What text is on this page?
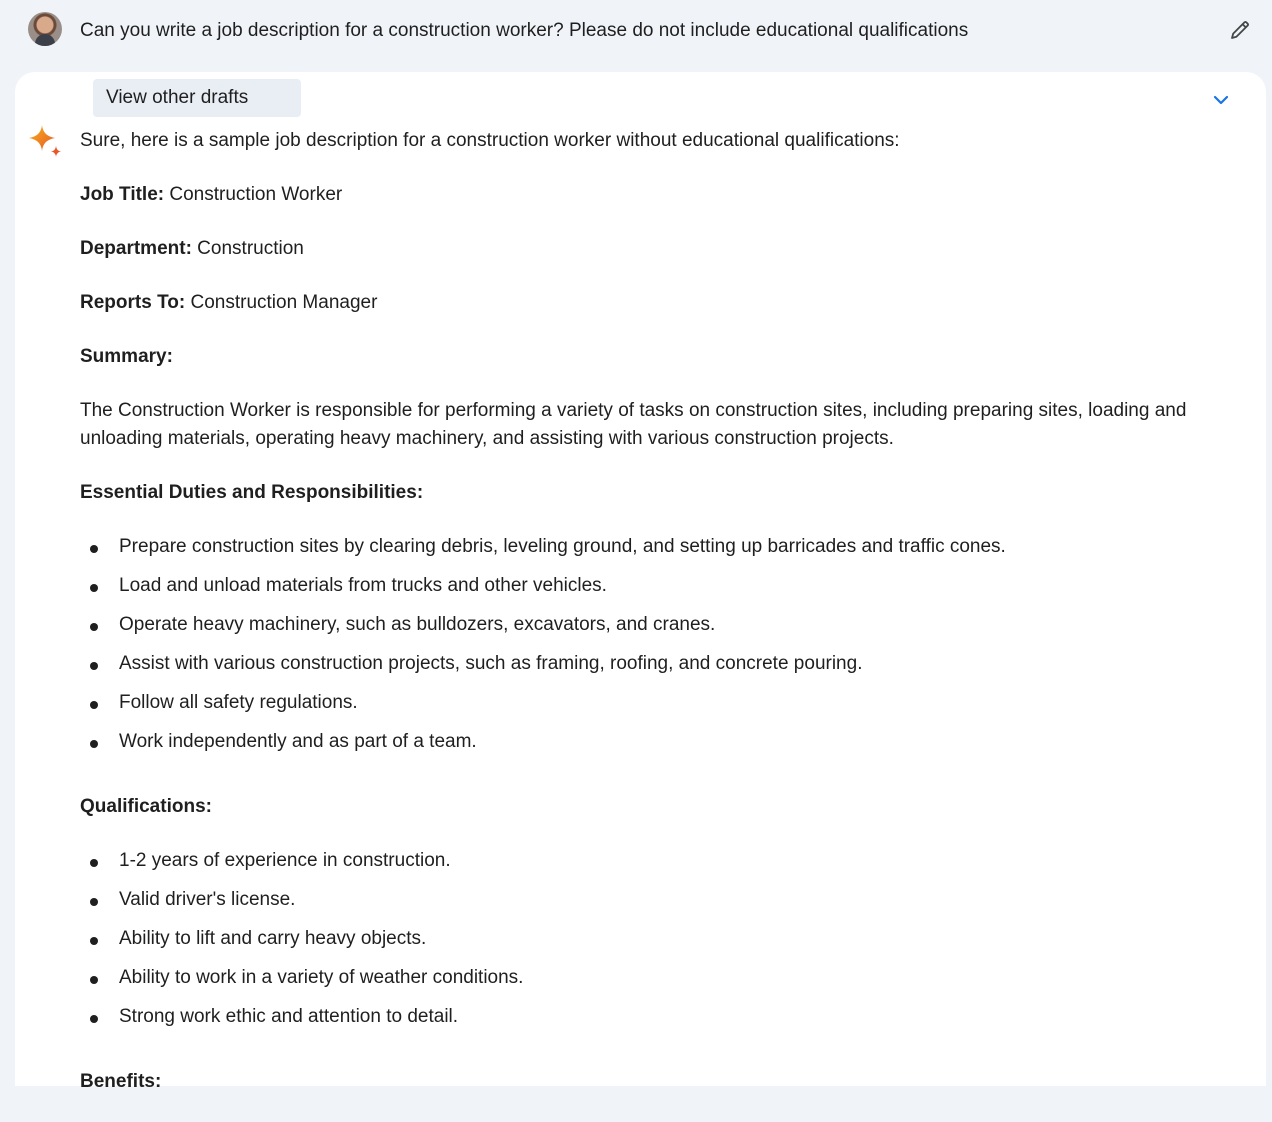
Can you write a job description for a construction worker? Please do not include educational qualifications
View other drafts

Sure, here is a sample job description for a construction worker without educational qualifications:

Job Title: Construction Worker

Department: Construction

Reports To: Construction Manager

Summary:

The Construction Worker is responsible for performing a variety of tasks on construction sites, including preparing sites, loading and unloading materials, operating heavy machinery, and assisting with various construction projects.

Essential Duties and Responsibilities:

Prepare construction sites by clearing debris, leveling ground, and setting up barricades and traffic cones.
Load and unload materials from trucks and other vehicles.
Operate heavy machinery, such as bulldozers, excavators, and cranes.
Assist with various construction projects, such as framing, roofing, and concrete pouring.
Follow all safety regulations.
Work independently and as part of a team.

Qualifications:

1-2 years of experience in construction.
Valid driver's license.
Ability to lift and carry heavy objects.
Ability to work in a variety of weather conditions.
Strong work ethic and attention to detail.

Benefits:
